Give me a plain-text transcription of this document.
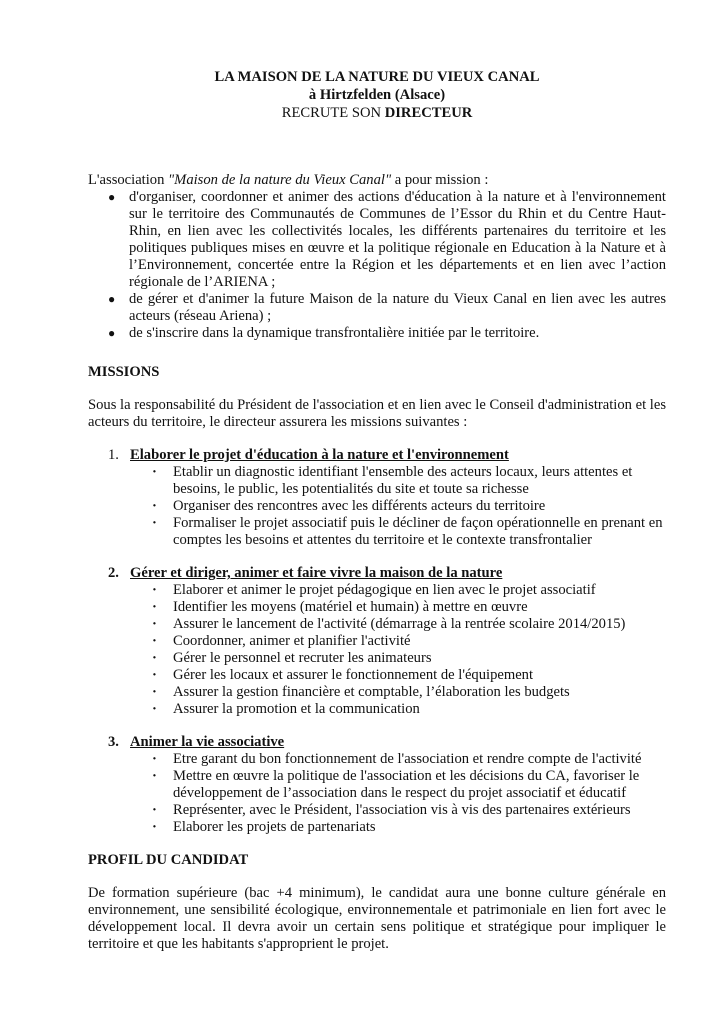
LA MAISON DE LA NATURE DU VIEUX CANAL
à Hirtzfelden (Alsace)
RECRUTE SON DIRECTEUR

L'association "Maison de la nature du Vieux Canal" a pour mission :

● d'organiser, coordonner et animer des actions d'éducation à la nature et à l'environnement sur le territoire des Communautés de Communes de l’Essor du Rhin et du Centre Haut-Rhin, en lien avec les collectivités locales, les différents partenaires du territoire et les politiques publiques mises en œuvre et la politique régionale en Education à la Nature et à l’Environnement, concertée entre la Région et les départements et en lien avec l’action régionale de l’ARIENA ;
● de gérer et d'animer la future Maison de la nature du Vieux Canal en lien avec les autres acteurs (réseau Ariena) ;
● de s'inscrire dans la dynamique transfrontalière initiée par le territoire.
MISSIONS

Sous la responsabilité du Président de l'association et en lien avec le Conseil d'administration et les acteurs du territoire, le directeur assurera les missions suivantes :

1. Elaborer le projet d'éducation à la nature et l'environnement
· Etablir un diagnostic identifiant l'ensemble des acteurs locaux, leurs attentes et besoins, le public, les potentialités du site et toute sa richesse
· Organiser des rencontres avec les différents acteurs du territoire
· Formaliser le projet associatif puis le décliner de façon opérationnelle en prenant en comptes les besoins et attentes du territoire et le contexte transfrontalier
2. Gérer et diriger, animer et faire vivre la maison de la nature
· Elaborer et animer le projet pédagogique en lien avec le projet associatif
· Identifier les moyens (matériel et humain) à mettre en œuvre
· Assurer le lancement de l'activité (démarrage à la rentrée scolaire 2014/2015)
· Coordonner, animer et planifier l'activité
· Gérer le personnel et recruter les animateurs
· Gérer les locaux et assurer le fonctionnement de l'équipement
· Assurer la gestion financière et comptable, l’élaboration les budgets
· Assurer la promotion et la communication
3. Animer la vie associative
· Etre garant du bon fonctionnement de l'association et rendre compte de l'activité
· Mettre en œuvre la politique de l'association et les décisions du CA, favoriser le développement de l’association dans le respect du projet associatif et éducatif
· Représenter, avec le Président, l'association vis à vis des partenaires extérieurs
· Elaborer les projets de partenariats
PROFIL DU CANDIDAT

De formation supérieure (bac +4 minimum), le candidat aura une bonne culture générale en environnement, une sensibilité écologique, environnementale et patrimoniale en lien fort avec le développement local. Il devra avoir un certain sens politique et stratégique pour impliquer le territoire et que les habitants s'approprient le projet.
